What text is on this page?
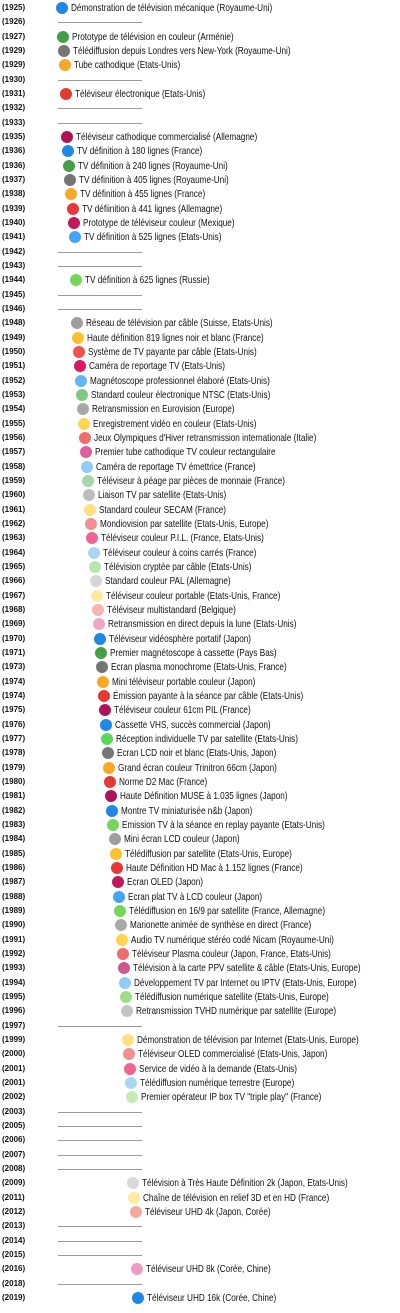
(1925)	Démonstration de télévision mécanique (Royaume-Uni)
(1926)
(1927)	Prototype de télévision en couleur (Arménie)
(1929)	Télédiffusion depuis Londres vers New-York (Royaume-Uni)
(1929)	Tube cathodique (Etats-Unis)
(1930)
(1931)	Téléviseur électronique (Etats-Unis)
(1932)
(1933)
(1935)	Téléviseur cathodique commercialisé (Allemagne)
(1936)	TV définition à 180 lignes (France)
(1936)	TV définition à 240 lignes (Royaume-Uni)
(1937)	TV définition à 405 lignes (Royaume-Uni)
(1938)	TV définition à 455 lignes (France)
(1939)	TV défiinition à 441 lignes (Allemagne)
(1940)	Prototype de téléviseur couleur (Mexique)
(1941)	TV définition à 525 lignes (Etats-Unis)
(1942)
(1943)
(1944)	TV définition à 625 lignes (Russie)
(1945)
(1946)
(1948)	Réseau de télévision par câble (Suisse, Etats-Unis)
(1949)	Haute définition 819 lignes noir et blanc (France)
(1950)	Système de TV payante par câble (Etats-Unis)
(1951)	Caméra de reportage TV (Etats-Unis)
(1952)	Magnétoscope professionnel élaboré (Etats-Unis)
(1953)	Standard couleur électronique NTSC (Etats-Unis)
(1954)	Retransmission en Eurovision (Europe)
(1955)	Enregistrement vidéo en couleur (Etats-Unis)
(1956)	Jeux Olympiques d'Hiver retransmission internationale (Italie)
(1957)	Premier tube cathodique TV couleur rectangulaire
(1958)	Caméra de reportage TV émettrice (France)
(1959)	Téléviseur à péage par pièces de monnaie (France)
(1960)	Liaison TV par satellite (Etats-Unis)
(1961)	Standard couleur SECAM (France)
(1962)	Mondiovision par satellite (Etats-Unis, Europe)
(1963)	Téléviseur couleur P.I.L. (France, Etats-Unis)
(1964)	Téléviseur couleur à coins carrés (France)
(1965)	Télévision cryptée par câble (Etats-Unis)
(1966)	Standard couleur PAL (Allemagne)
(1967)	Téléviseur couleur portable (Etats-Unis, France)
(1968)	Téléviseur multistandard (Belgique)
(1969)	Retransmission en direct depuis la lune (Etats-Unis)
(1970)	Téléviseur vidéosphère portatif (Japon)
(1971)	Premier magnétoscope à cassette (Pays Bas)
(1973)	Ecran plasma monochrome (Etats-Unis, France)
(1974)	Mini téléviseur portable couleur (Japon)
(1974)	Émission payante à la séance par câble (Etats-Unis)
(1975)	Téléviseur couleur 61cm PIL (France)
(1976)	Cassette VHS, succès commercial (Japon)
(1977)	Réception individuelle TV par satellite (Etats-Unis)
(1978)	Ecran LCD noir et blanc (Etats-Unis, Japon)
(1979)	Grand écran couleur Trinitron 66cm (Japon)
(1980)	Norme D2 Mac (France)
(1981)	Haute Définition MUSE à 1.035 lignes (Japon)
(1982)	Montre TV miniaturisée n&b (Japon)
(1983)	Emission TV à la séance en replay payante (Etats-Unis)
(1984)	Mini écran LCD couleur (Japon)
(1985)	Télédiffusion par satellite (Etats-Unis, Europe)
(1986)	Haute Définition HD Mac à 1.152 lignes (France)
(1987)	Ecran OLED (Japon)
(1988)	Ecran plat TV à LCD couleur (Japon)
(1989)	Télédiffusion en 16/9 par satellite (France, Allemagne)
(1990)	Marionette animée de synthèse en direct (France)
(1991)	Audio TV numérique stéréo codé Nicam (Royaume-Uni)
(1992)	Téléviseur Plasma couleur (Japon, France, Etats-Unis)
(1993)	Télévision à la carte PPV satellite & câble (Etats-Unis, Europe)
(1994)	Développement TV par Internet ou IPTV (Etats-Unis, Europe)
(1995)	Télédiffusion numérique satellite (Etats-Unis, Europe)
(1996)	Retransmission TVHD numérique par satellite (Europe)
(1997)
(1999)	Démonstration de télévision par Internet (Etats-Unis, Europe)
(2000)	Téléviseur OLED commercialisé (Etats-Unis, Japon)
(2001)	Service de vidéo à la demande (Etats-Unis)
(2001)	Télédiffusion numérique terrestre (Europe)
(2002)	Premier opérateur IP box TV "triple play" (France)
(2003)
(2005)
(2006)
(2007)
(2008)
(2009)	Télévision à Très Haute Définition 2k (Japon, Etats-Unis)
(2011)	Chaîne de télévision en relief 3D et en HD (France)
(2012)	Téléviseur UHD 4k (Japon, Corée)
(2013)
(2014)
(2015)
(2016)	Téléviseur UHD 8k (Corée, Chine)
(2018)
(2019)	Téléviseur UHD 16k (Corée, Chine)
